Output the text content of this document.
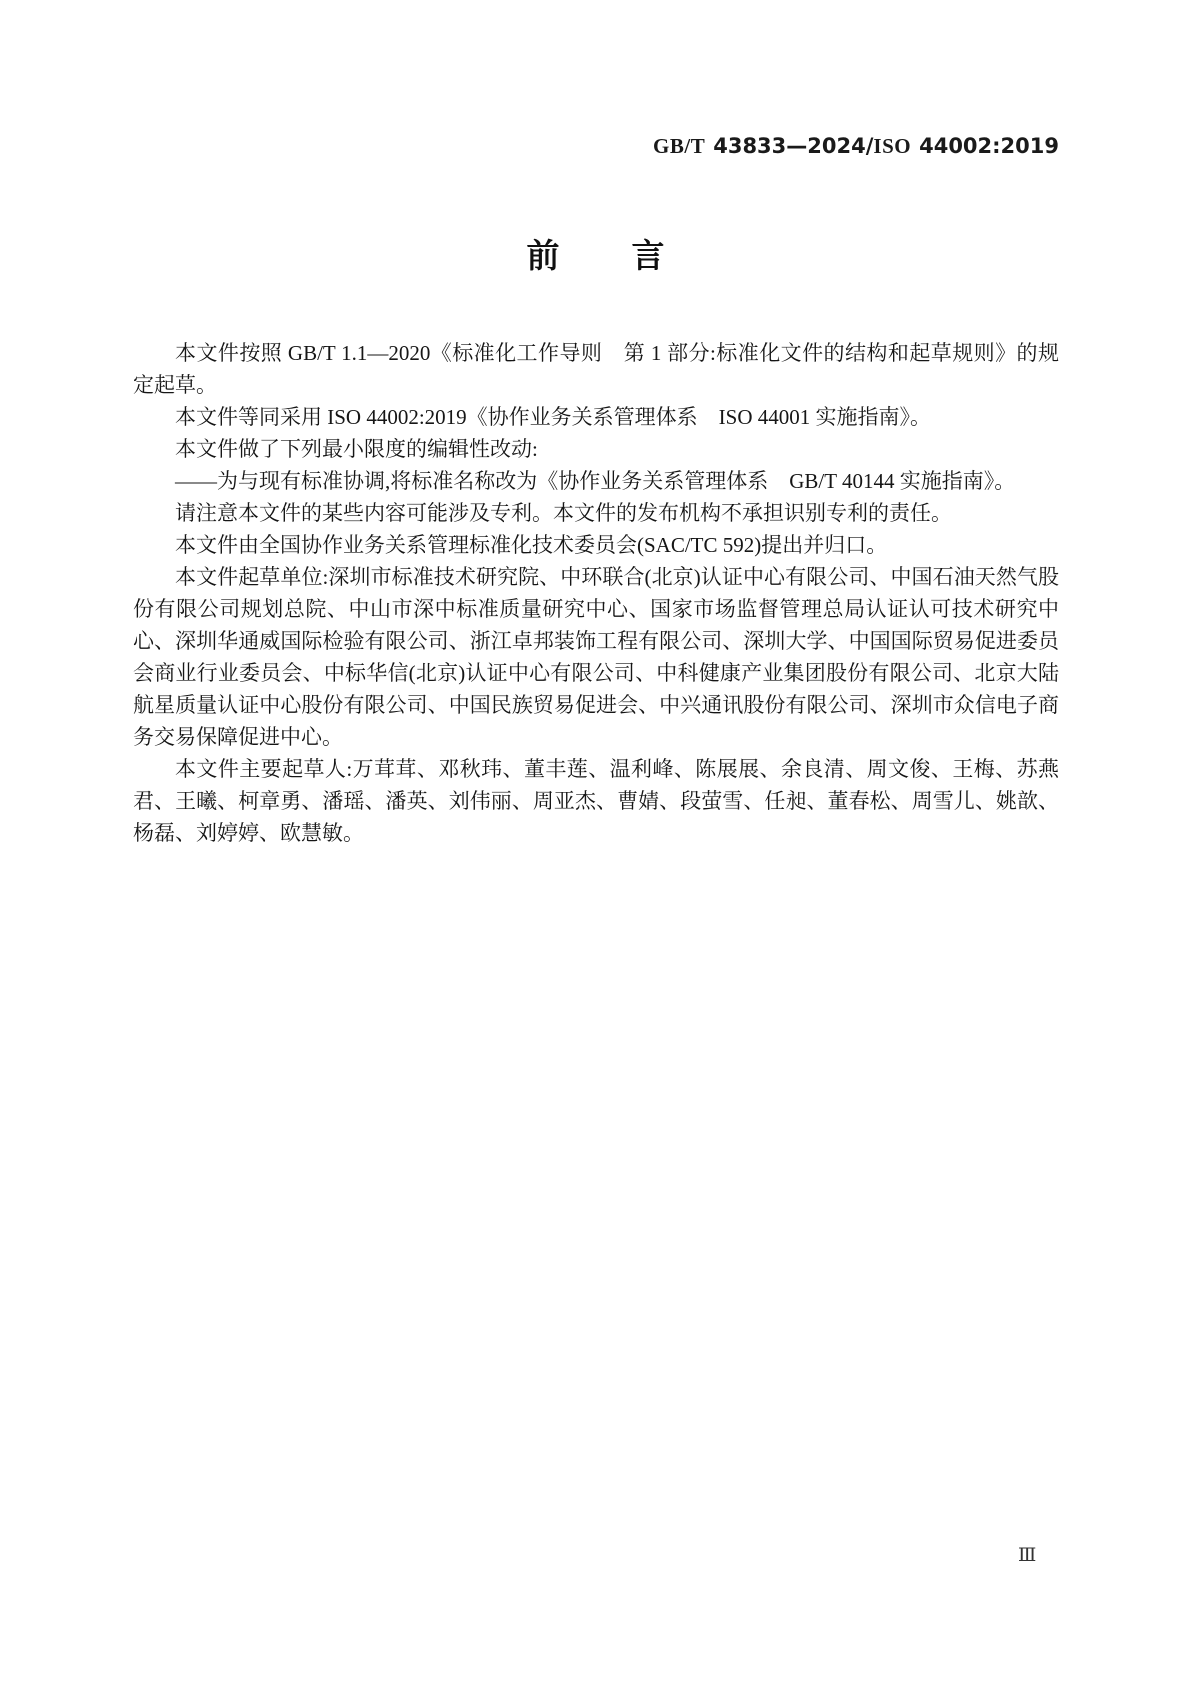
GB/T 43833—2024/ISO 44002:2019
前 言

本文件按照 GB/T 1.1—2020《标准化工作导则　第 1 部分:标准化文件的结构和起草规则》的规定起草。

本文件等同采用 ISO 44002:2019《协作业务关系管理体系　ISO 44001 实施指南》。

本文件做了下列最小限度的编辑性改动:

——为与现有标准协调,将标准名称改为《协作业务关系管理体系　GB/T 40144 实施指南》。

请注意本文件的某些内容可能涉及专利。本文件的发布机构不承担识别专利的责任。

本文件由全国协作业务关系管理标准化技术委员会(SAC/TC 592)提出并归口。

本文件起草单位:深圳市标准技术研究院、中环联合(北京)认证中心有限公司、中国石油天然气股份有限公司规划总院、中山市深中标准质量研究中心、国家市场监督管理总局认证认可技术研究中心、深圳华通威国际检验有限公司、浙江卓邦装饰工程有限公司、深圳大学、中国国际贸易促进委员会商业行业委员会、中标华信(北京)认证中心有限公司、中科健康产业集团股份有限公司、北京大陆航星质量认证中心股份有限公司、中国民族贸易促进会、中兴通讯股份有限公司、深圳市众信电子商务交易保障促进中心。

本文件主要起草人:万茸茸、邓秋玮、董丰莲、温利峰、陈展展、余良清、周文俊、王梅、苏燕君、王曦、柯章勇、潘瑶、潘英、刘伟丽、周亚杰、曹婧、段萤雪、任昶、董春松、周雪儿、姚歆、杨磊、刘婷婷、欧慧敏。

Ⅲ
